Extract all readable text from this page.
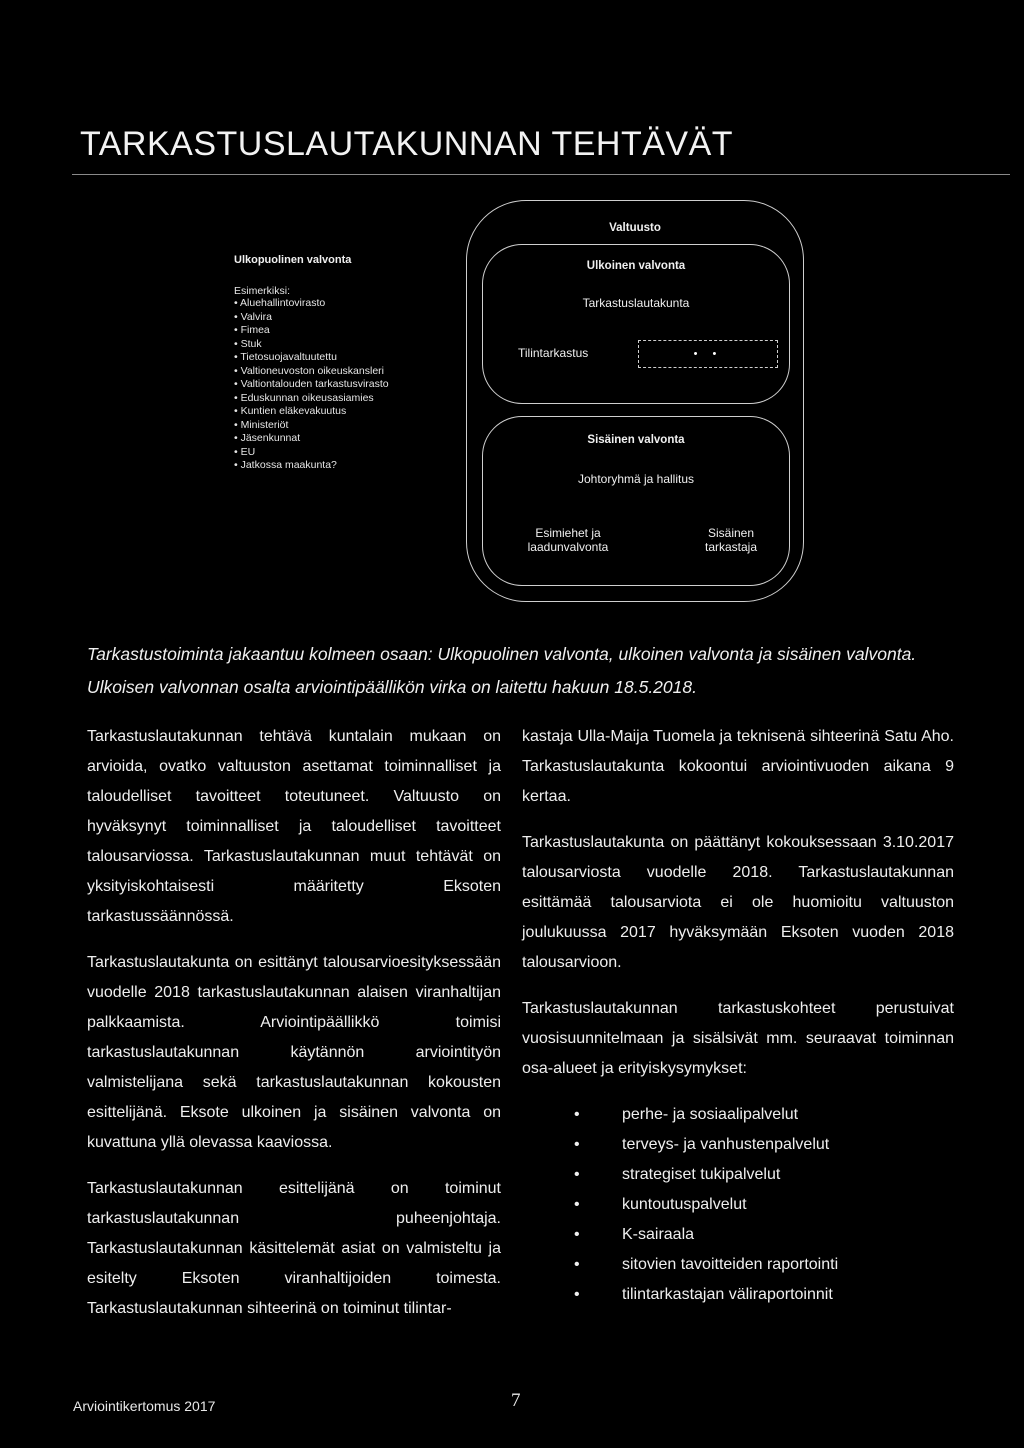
TARKASTUSLAUTAKUNNAN TEHTÄVÄT
Ulkopuolinen valvonta
Esimerkiksi:
• Aluehallintovirasto
• Valvira
• Fimea
• Stuk
• Tietosuojavaltuutettu
• Valtioneuvoston oikeuskansleri
• Valtiontalouden tarkastusvirasto
• Eduskunnan oikeusasiamies
• Kuntien eläkevakuutus
• Ministeriöt
• Jäsenkunnat
• EU
• Jatkossa maakunta?
Valtuusto
Ulkoinen valvonta
Tarkastuslautakunta
Tilintarkastus	• •
Sisäinen valvonta
Johtoryhmä ja hallitus
Esimiehet ja
laadunvalvonta
Sisäinen
tarkastaja
Tarkastustoiminta jakaantuu kolmeen osaan: Ulkopuolinen valvonta, ulkoinen valvonta ja sisäinen valvonta. Ulkoisen valvonnan osalta arviointipäällikön virka on laitettu hakuun 18.5.2018.

Tarkastuslautakunnan tehtävä kuntalain mukaan on arvioida, ovatko valtuuston asettamat toiminnalliset ja taloudelliset tavoitteet toteutuneet. Valtuusto on hyväksynyt toiminnalliset ja taloudelliset tavoitteet talousarviossa. Tarkastuslautakunnan muut tehtävät on yksityiskohtaisesti määritetty Eksoten tarkastussäännössä.

Tarkastuslautakunta on esittänyt talousarvioesityksessään vuodelle 2018 tarkastuslautakunnan alaisen viranhaltijan palkkaamista. Arviointipäällikkö toimisi tarkastuslautakunnan käytännön arviointityön valmistelijana sekä tarkastuslautakunnan kokousten esittelijänä. Eksote ulkoinen ja sisäinen valvonta on kuvattuna yllä olevassa kaaviossa.

Tarkastuslautakunnan esittelijänä on toiminut tarkastuslautakunnan puheenjohtaja. Tarkastuslautakunnan käsittelemät asiat on valmisteltu ja esitelty Eksoten viranhaltijoiden toimesta. Tarkastuslautakunnan sihteerinä on toiminut tilintar-

kastaja Ulla-Maija Tuomela ja teknisenä sihteerinä Satu Aho. Tarkastuslautakunta kokoontui arviointivuoden aikana 9 kertaa.

Tarkastuslautakunta on päättänyt kokouksessaan 3.10.2017 talousarviosta vuodelle 2018. Tarkastuslautakunnan esittämää talousarviota ei ole huomioitu valtuuston joulukuussa 2017 hyväksymään Eksoten vuoden 2018 talousarvioon.

Tarkastuslautakunnan tarkastuskohteet perustuivat vuosisuunnitelmaan ja sisälsivät mm. seuraavat toiminnan osa-alueet ja erityiskysymykset:

• perhe- ja sosiaalipalvelut
• terveys- ja vanhustenpalvelut
• strategiset tukipalvelut
• kuntoutuspalvelut
• K-sairaala
• sitovien tavoitteiden raportointi
• tilintarkastajan väliraportoinnit
Arviointikertomus 2017	7
